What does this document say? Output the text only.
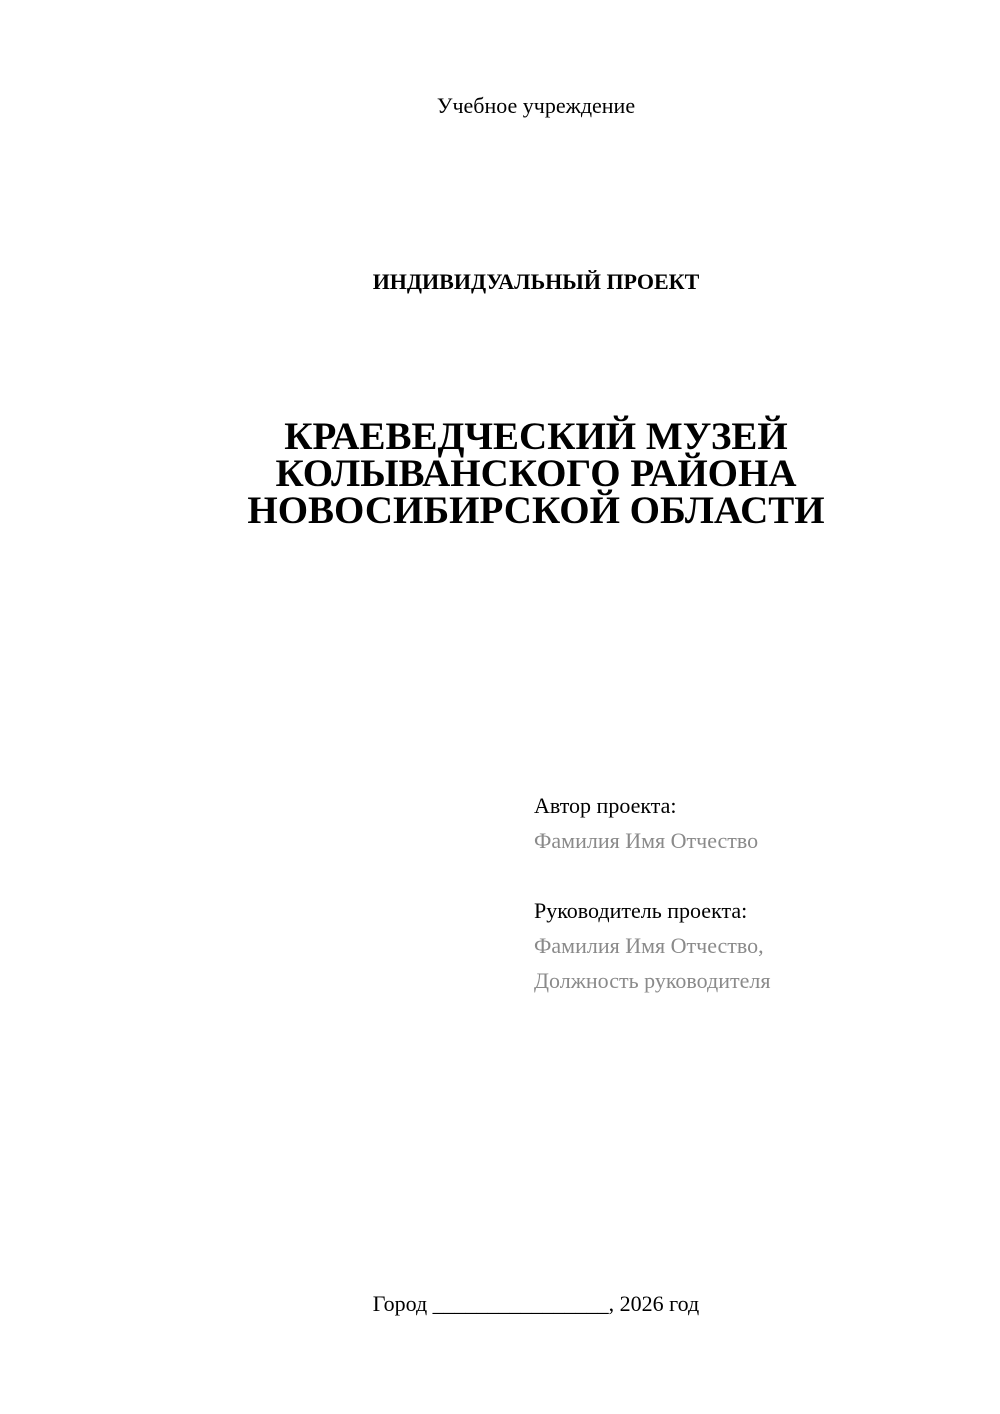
Учебное учреждение
ИНДИВИДУАЛЬНЫЙ ПРОЕКТ
КРАЕВЕДЧЕСКИЙ МУЗЕЙ
КОЛЫВАНСКОГО РАЙОНА
НОВОСИБИРСКОЙ ОБЛАСТИ
Автор проекта:
Фамилия Имя Отчество
Руководитель проекта:
Фамилия Имя Отчество,
Должность руководителя
Город ________________, 2026 год
